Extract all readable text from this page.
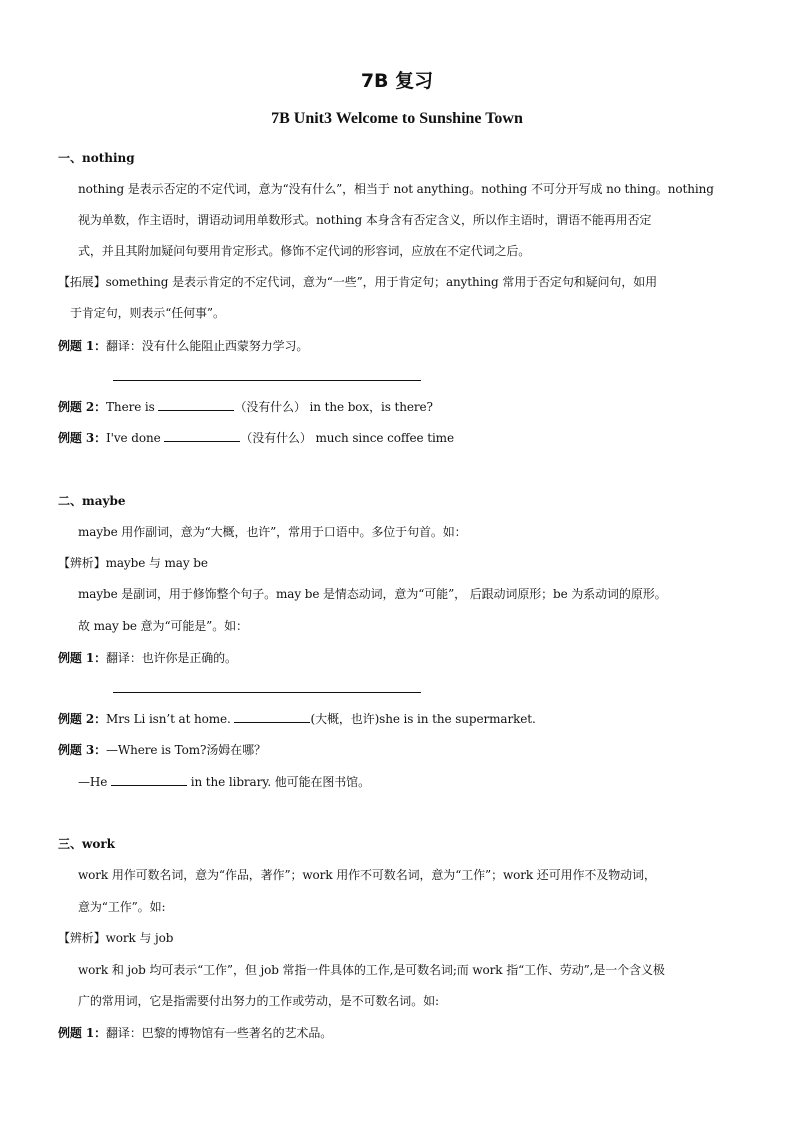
7B 复习
7B Unit3 Welcome to Sunshine Town
一、nothing
nothing 是表示否定的不定代词，意为“没有什么”，相当于 not anything。nothing 不可分开写成 no thing。nothing
视为单数，作主语时，谓语动词用单数形式。nothing 本身含有否定含义，所以作主语时，谓语不能再用否定
式，并且其附加疑问句要用肯定形式。修饰不定代词的形容词，应放在不定代词之后。
【拓展】something 是表示肯定的不定代词，意为“一些”，用于肯定句；anything 常用于否定句和疑问句，如用
于肯定句，则表示“任何事”。
例题 1：翻译：没有什么能阻止西蒙努力学习。
例题 2：There is	（没有什么） in the box，is there?
例题 3：I've done	（没有什么） much since coffee time
二、maybe
maybe 用作副词，意为“大概，也许”，常用于口语中。多位于句首。如：
【辨析】maybe 与 may be
maybe 是副词，用于修饰整个句子。may be 是情态动词，意为“可能”， 后跟动词原形；be 为系动词的原形。
故 may be 意为“可能是”。如：
例题 1：翻译：也许你是正确的。
例题 2：Mrs Li isn’t at home.	(大概，也许)she is in the supermarket.
例题 3：—Where is Tom?汤姆在哪？
—He	in the library. 他可能在图书馆。
三、work
work 用作可数名词，意为“作品，著作”；work 用作不可数名词，意为“工作”；work 还可用作不及物动词，
意为“工作”。如:
【辨析】work 与 job
work 和 job 均可表示“工作”，但 job 常指一件具体的工作,是可数名词;而 work 指“工作、劳动”,是一个含义极
广的常用词，它是指需要付出努力的工作或劳动，是不可数名词。如:
例题 1：翻译：巴黎的博物馆有一些著名的艺术品。
